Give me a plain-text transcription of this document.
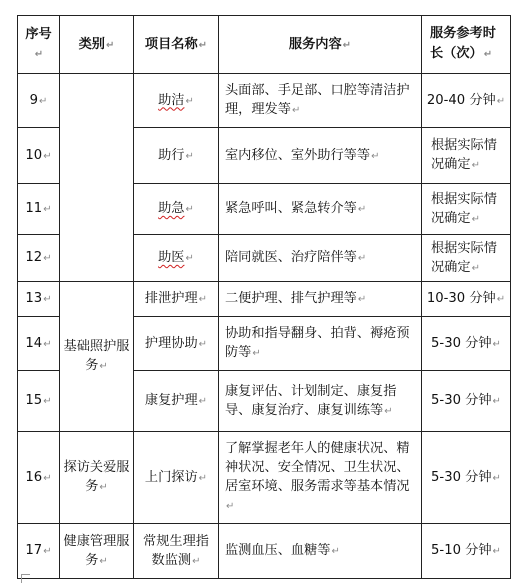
序号↵	类别↵	项目名称↵	服务内容↵	服务参考时长（次）↵
9↵		助洁↵	头面部、手足部、口腔等清洁护理，理发等↵	20-40 分钟↵
10↵		助行↵	室内移位、室外助行等等↵	根据实际情况确定↵
11↵		助急↵	紧急呼叫、紧急转介等↵	根据实际情况确定↵
12↵		助医↵	陪同就医、治疗陪伴等↵	根据实际情况确定↵
13↵	基础照护服务↵	排泄护理↵	二便护理、排气护理等↵	10-30 分钟↵
14↵		护理协助↵	协助和指导翻身、拍背、褥疮预防等↵	5-30 分钟↵
15↵		康复护理↵	康复评估、计划制定、康复指导、康复治疗、康复训练等↵	5-30 分钟↵
16↵	探访关爱服务↵	上门探访↵	了解掌握老年人的健康状况、精神状况、安全情况、卫生状况、居室环境、服务需求等基本情况↵	5-30 分钟↵
17↵	健康管理服务↵	常规生理指数监测↵	监测血压、血糖等↵	5-10 分钟↵
